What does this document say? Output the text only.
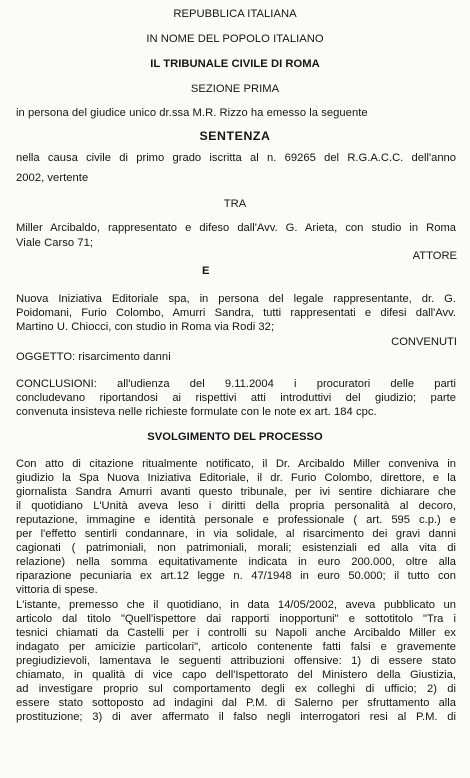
REPUBBLICA ITALIANA
IN NOME DEL POPOLO ITALIANO
IL TRIBUNALE CIVILE DI ROMA
SEZIONE PRIMA
in persona del giudice unico dr.ssa M.R. Rizzo ha emesso la seguente
SENTENZA
nella causa civile di primo grado iscritta al n. 69265 del R.G.A.C.C. dell'anno
2002, vertente
TRA
Miller Arcibaldo, rappresentato e difeso dall'Avv. G. Arieta, con studio in Roma
Viale Carso 71;
ATTORE
E
Nuova Iniziativa Editoriale spa, in persona del legale rappresentante, dr. G.
Poidomani, Furio Colombo, Amurri Sandra, tutti rappresentati e difesi dall'Avv.
Martino U. Chiocci, con studio in Roma via Rodi 32;
CONVENUTI
OGGETTO: risarcimento danni
CONCLUSIONI: all'udienza del 9.11.2004 i procuratori delle parti
concludevano riportandosi ai rispettivi atti introduttivi del giudizio; parte
convenuta insisteva nelle richieste formulate con le note ex art. 184 cpc.
SVOLGIMENTO DEL PROCESSO
Con atto di citazione ritualmente notificato, il Dr. Arcibaldo Miller conveniva in
giudizio la Spa Nuova Iniziativa Editoriale, il dr. Furio Colombo, direttore, e la
giornalista Sandra Amurri avanti questo tribunale, per ivi sentire dichiarare che
il quotidiano L'Unità aveva leso i diritti della propria personalità al decoro,
reputazione, immagine e identità personale e professionale ( art. 595 c.p.) e
per l'effetto sentirli condannare, in via solidale, al risarcimento dei gravi danni
cagionati ( patrimoniali, non patrimoniali, morali; esistenziali ed alla vita di
relazione) nella somma equitativamente indicata in euro 200.000, oltre alla
riparazione pecuniaria ex art.12 legge n. 47/1948 in euro 50.000; il tutto con
vittoria di spese.
L'istante, premesso che il quotidiano, in data 14/05/2002, aveva pubblicato un
articolo dal titolo "Quell'ispettore dai rapporti inopportuni" e sottotitolo "Tra i
tesnici chiamati da Castelli per i controlli su Napoli anche Arcibaldo Miller ex
indagato per amicizie particolari", articolo contenente fatti falsi e gravemente
pregiudizievoli, lamentava le seguenti attribuzioni offensive: 1) di essere stato
chiamato, in qualità di vice capo dell'Ispettorato del Ministero della Giustizia,
ad investigare proprio sul comportamento degli ex colleghi di ufficio; 2) di
essere stato sottoposto ad indagini dal P.M. di Salerno per sfruttamento alla
prostituzione; 3) di aver affermato il falso negli interrogatori resi al P.M. di
